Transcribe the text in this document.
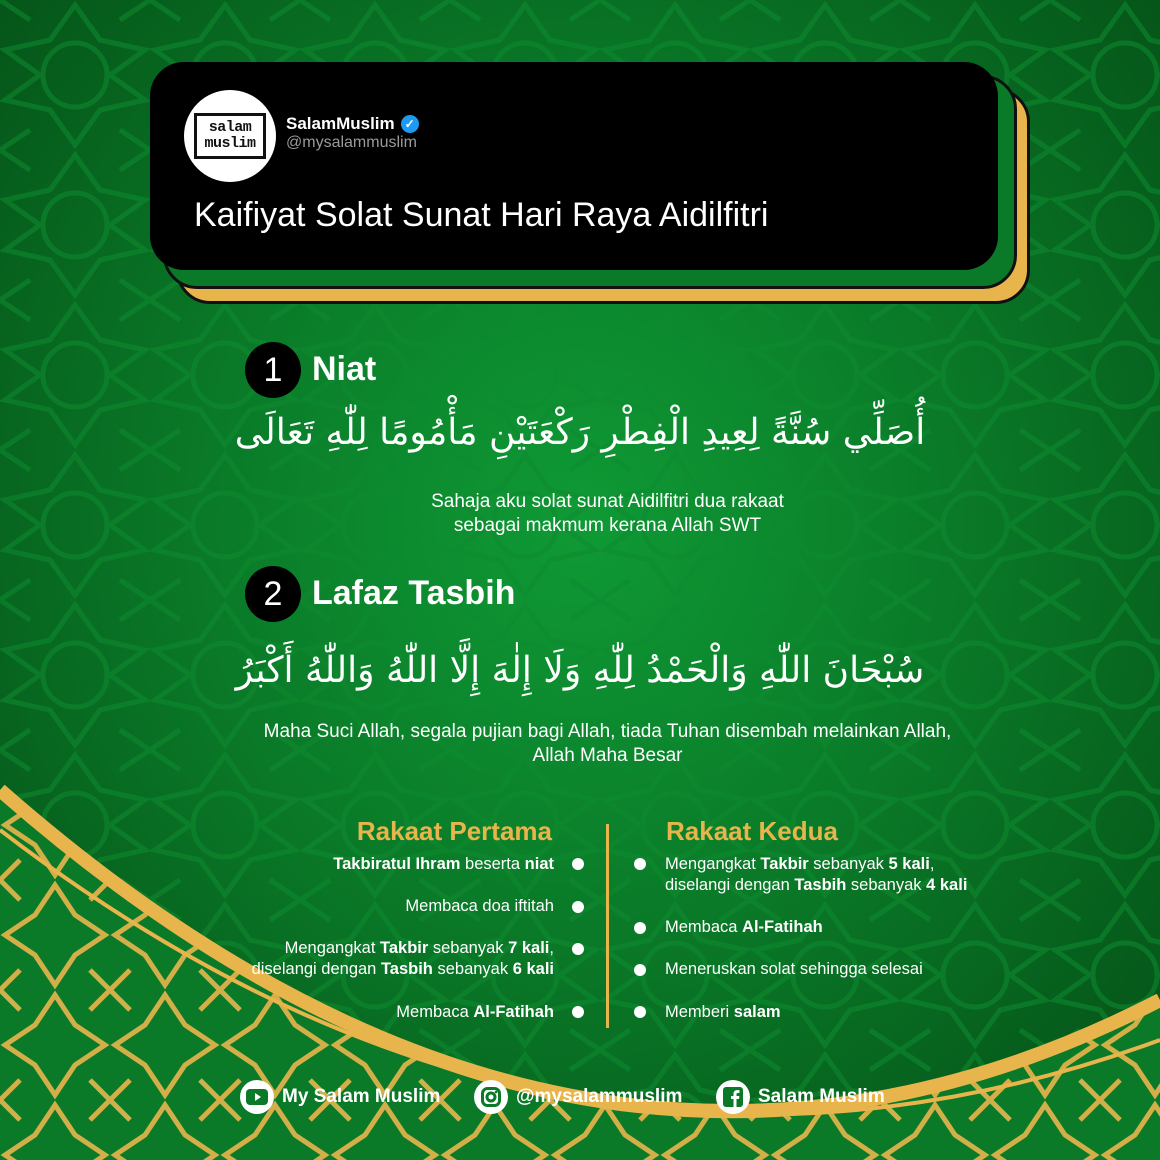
salam
muslim
SalamMuslim ✓
@mysalammuslim
Kaifiyat Solat Sunat Hari Raya Aidilfitri
1 Niat
أُصَلِّي سُنَّةً لِعِيدِ الْفِطْرِ رَكْعَتَيْنِ مَأْمُومًا لِلّٰهِ تَعَالَى
Sahaja aku solat sunat Aidilfitri dua rakaat
sebagai makmum kerana Allah SWT
2 Lafaz Tasbih
سُبْحَانَ اللّٰهِ وَالْحَمْدُ لِلّٰهِ وَلَا إِلٰهَ إِلَّا اللّٰهُ وَاللّٰهُ أَكْبَرُ
Maha Suci Allah, segala pujian bagi Allah, tiada Tuhan disembah melainkan Allah,
Allah Maha Besar
Rakaat Pertama	Rakaat Kedua
Takbiratul Ihram beserta niat
Membaca doa iftitah
Mengangkat Takbir sebanyak 7 kali,
diselangi dengan Tasbih sebanyak 6 kali
Membaca Al-Fatihah
Mengangkat Takbir sebanyak 5 kali,
diselangi dengan Tasbih sebanyak 4 kali
Membaca Al-Fatihah
Meneruskan solat sehingga selesai
Memberi salam
My Salam Muslim	@mysalammuslim	Salam Muslim
